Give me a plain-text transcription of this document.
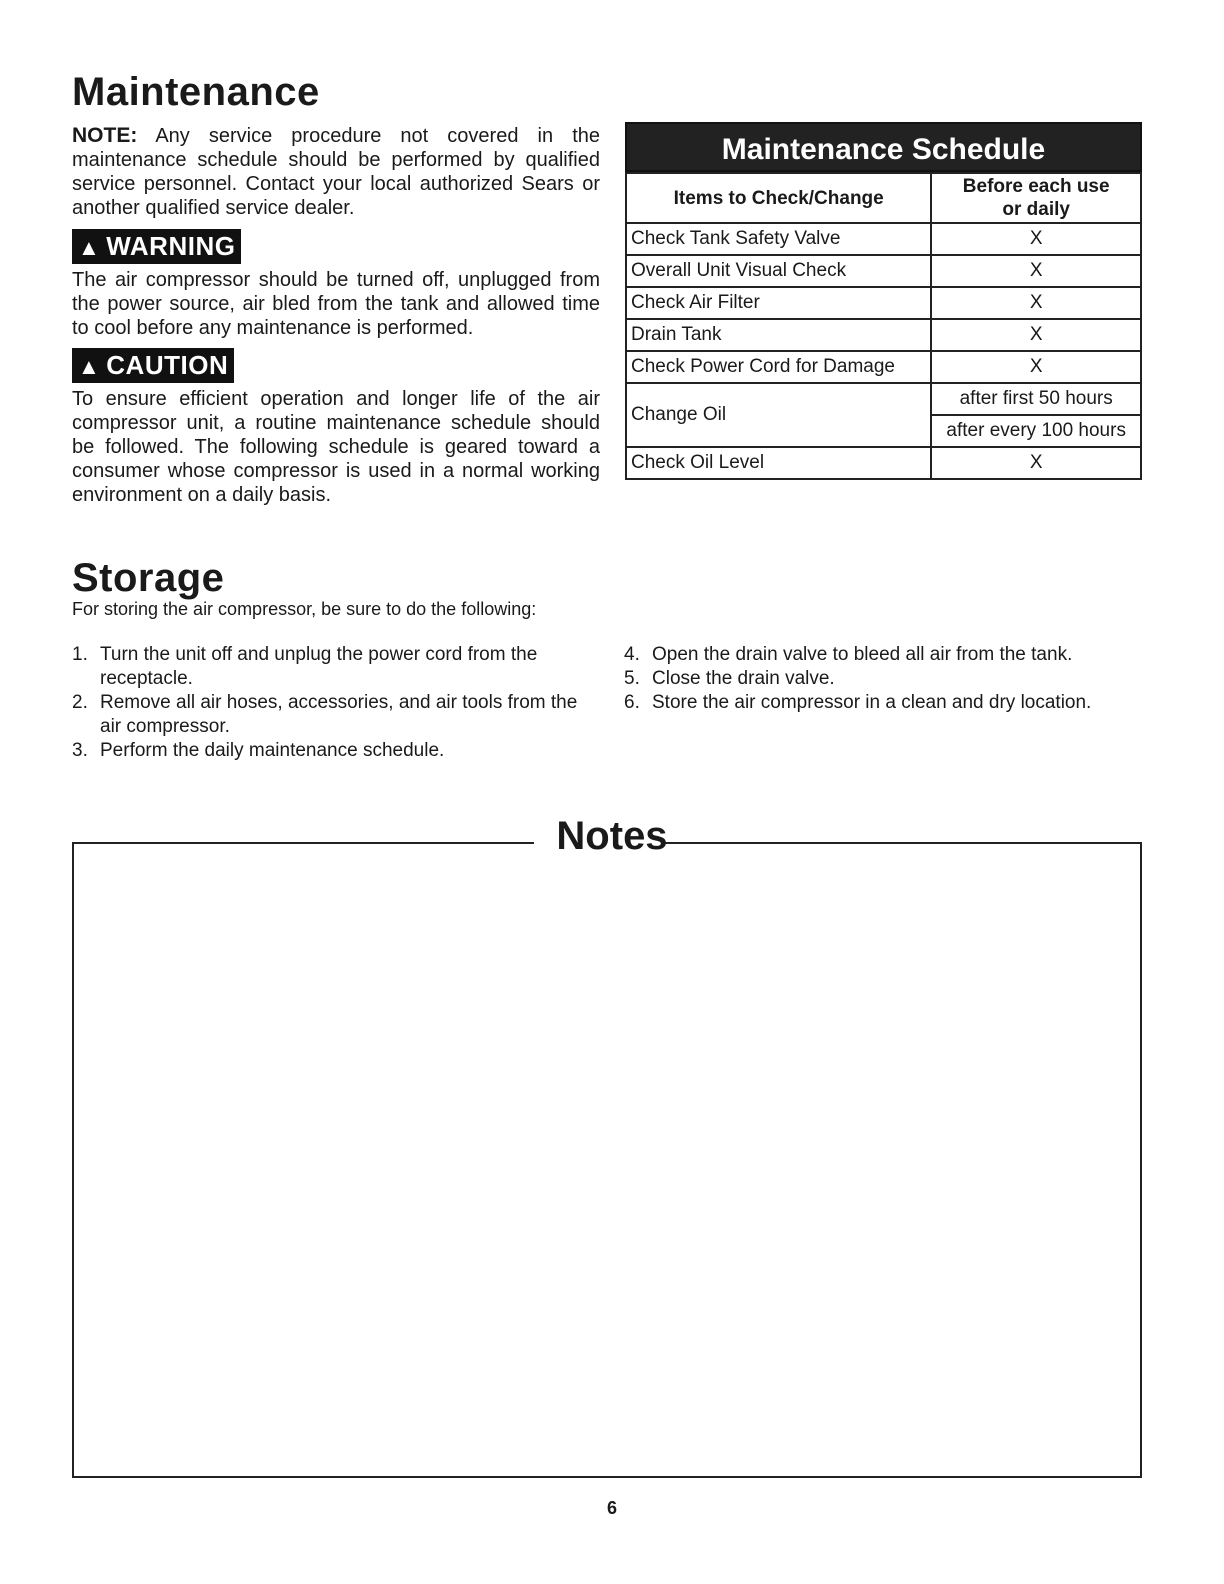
Maintenance
NOTE: Any service procedure not covered in the maintenance schedule should be performed by qualified service personnel. Contact your local authorized Sears or another qualified service dealer.
▲ WARNING
The air compressor should be turned off, unplugged from the power source, air bled from the tank and allowed time to cool before any maintenance is performed.
▲ CAUTION
To ensure efficient operation and longer life of the air compressor unit, a routine maintenance schedule should be followed. The following schedule is geared toward a consumer whose compressor is used in a normal working environment on a daily basis.
Maintenance Schedule
Items to Check/Change	Before each use
or daily
Check Tank Safety Valve	X
Overall Unit Visual Check	X
Check Air Filter	X
Drain Tank	X
Check Power Cord for Damage	X
Change Oil	after first 50 hours
	after every 100 hours
Check Oil Level	X
Storage
For storing the air compressor, be sure to do the following:
1. Turn the unit off and unplug the power cord from the receptacle.
2. Remove all air hoses, accessories, and air tools from the air compressor.
3. Perform the daily maintenance schedule.
4. Open the drain valve to bleed all air from the tank.
5. Close the drain valve.
6. Store the air compressor in a clean and dry location.
Notes
6
